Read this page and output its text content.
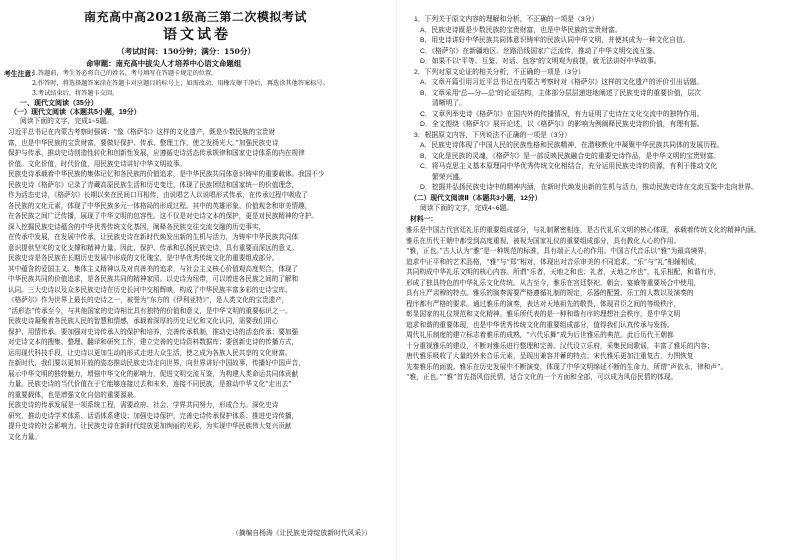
南充高中高2021级高三第二次模拟考试
语文试卷
（考试时间：150分钟；满分：150分）
命审题：南充高中拔尖人才培养中心语文命题组
考生注意：
1.答题前，考生务必将自己的姓名、考号填写在答题卡规定的位置。
2.作答时，将选择题答案涂在答题卡对应题目的标号上，如需改动，用橡皮擦干净后，再选涂其他答案标号。
3.考试结束后，将答题卡交回。
一、现代文阅读（35分）
（一）现代文阅读（本题共5小题，19分）
阅读下面的文字，完成1~5题。
习近平总书记在内蒙古考察时强调：“像《格萨尔》这样的文化遗产，既是少数民族的宝贵财
富，也是中华民族的宝贵财富，要做好保护、传承、整理工作，使之发扬光大。”加强民族史诗
保护与传承，推动史诗创造性转化和创新性发展，应遵循史诗活态传承规律和国家史诗体系的内在规律
价值。文化价值，时代价值，用民族史诗讲好中华文明故事。
民族史诗承载着中华民族的集体记忆和各民族的价值追求，是中华民族共同体意识铸牢的重要载体。我国不少
民族史诗《格萨尔》记录了青藏高原民族生活和历史变迁，体现了民族团结和国家统一的价值理念，
作为活态史诗，《格萨尔》长期以来在民间口耳相传，由说唱艺人以说唱形式传承，在传承过程中吸收了
各民族的文化元素，体现了中华民族多元一体格局的形成过程。其中的英雄形象、价值观念和审美情趣，
在各民族之间广泛传播，展现了中华文明的包容性。这不仅是对史诗文本的保护，更是对民族精神的守护。
深入挖掘民族史诗蕴含的中华优秀传统文化基因，阐释各民族交往交流交融的历史事实，
在传承中发展，在发展中传承，让民族史诗在新时代焕发出新的生机与活力，为铸牢中华民族共同体
意识提供坚实的文化支撑和精神力量。因此，保护、传承和弘扬民族史诗，具有重要而深远的意义。
民族史诗是各民族在长期历史发展中形成的文化瑰宝，是中华优秀传统文化的重要组成部分。
其中蕴含的爱国主义、集体主义精神以及对真善美的追求，与社会主义核心价值观高度契合，体现了
中华民族共同的价值追求，是各民族共同的精神家园。以史诗为纽带，可以增进各民族之间的了解和
认同。三大史诗以及众多民族史诗在历史长河中交相辉映，构成了中华民族丰富多彩的史诗宝库。
《格萨尔》作为世界上最长的史诗之一，被誉为“东方的《伊利亚特》”，是人类文化的宝贵遗产，
“活形态”传承至今，与其他国家的史诗相比具有独特的价值和意义，是中华文明的重要标识之一。
民族史诗凝聚着各民族人民的智慧和情感，承载着深厚的历史记忆和文化认同，需要我们用心
保护、用情传承。要加强对史诗传承人的保护和培养，完善传承机制，推动史诗的活态传承；要加强
对史诗文本的搜集、整理、翻译和研究工作，建立完善的史诗资料数据库；要创新史诗的传播方式，
运用现代科技手段，让史诗以更加生动的形式走进大众生活，使之成为各族人民共享的文化财富。
在新时代，我们要以更加开放的姿态推动民族史诗走向世界，向世界讲好中国故事，传播好中国声音，
展示中华文明的独特魅力，增强中华文化的影响力，促进文明交流互鉴，为构建人类命运共同体贡献
力量。民族史诗的当代价值在于它能够连接过去和未来，连接不同民族，是推动中华文化“走出去”
的重要载体，也是增强文化自信的重要源泉。
民族史诗的传承发展是一项系统工程，需要政府、社会、学界共同努力，形成合力。深化史诗
研究，推动史诗学术体系、话语体系建设；加强史诗保护，完善史诗传承保护体系；推进史诗传播，
提升史诗的社会影响力。让民族史诗在新时代绽放更加绚丽的光彩，为实现中华民族伟大复兴贡献
文化力量。
（摘编自杨涛《让民族史诗绽放新时代风采》）
1．下列关于原文内容的理解和分析，不正确的一项是（3分）
A．民族史诗既是少数民族的宝贵财富，也是中华民族的宝贵财富。
B．用史诗讲好中华民族共同体意识铸牢的民族认同中华文明，并使其成为一种文化自信。
C．《格萨尔》在新疆地区、丝路沿线国家广泛流传，推动了中华文明交流互鉴。
D．如果不以“平等、互鉴、对话、包容”的文明观为前提，就无法讲好中华故事。
2．下列对原文论证的相关分析，不正确的一项是（3分）
A．文章开篇引用习近平总书记在内蒙古考察时对《格萨尔》这样的文化遗产的评价引出话题。
B．文章采用“总—分—总”的论证结构，主体部分层层递进地阐述了民族史诗的重要价值，层次
清晰明了。
C．文章列举史诗《格萨尔》在国内外的传播情况，有力证明了史诗在文化交流中的独特作用。
D．全文围绕《格萨尔》展开论述，以《格萨尔》的影响为例阐释民族史诗的价值，有理有据。
3．根据原文内容，下列说法不正确的一项是（3分）
A．民族史诗体现了中国人民的民族性格和民族精神，在潜移默化中凝聚中华民族共同体的发展历程。
B．文化是民族的灵魂，《格萨尔》是一部反映民族融合史的重要史诗作品，是中华文明的宝贵财富。
C．将马克思主义基本原理同中华优秀传统文化相结合，充分运用民族史诗的资源，有利于推动文化
繁荣兴盛。
D．挖掘并弘扬民族史诗中的精神内涵，在新时代焕发出新的生机与活力，推动民族史诗在交流互鉴中走向世界。
（二）现代文阅读Ⅱ（本题共3小题，12分）
阅读下面的文字，完成4~6题。
材料一：
雅乐是中国古代宫廷礼乐的重要组成部分，与礼制紧密相连，是古代礼乐文明的核心体现，承载着传统文化的精神内涵。
雅乐在历代王朝中都受到高度重视，被视为国家礼仪的重要组成部分，具有教化人心的作用。
“雅，正也。”古人认为“雅”是一种规范的标准，具有端正人心的作用。中国古代音乐以“雅”为最高境界，
追求中正平和的艺术品格，“雅”与“郑”相对，体现出对音乐审美的不同追求。“乐”与“礼”相辅相成，
共同构成中华礼乐文明的核心内容。所谓“乐者，天地之和也；礼者，天地之序也”，礼乐相配，和谐有序，
形成了独具特色的中华礼乐文化传统。从古至今，雅乐在宫廷祭祀、朝会、宴飨等重要场合中使用，
具有庄严肃穆的特点。雅乐的演奏需要严格遵循礼制的规定，乐器的配置、乐工的人数以及演奏的
程序都有严格的要求。通过雅乐的演奏，表达对天地祖先的敬畏，体现君臣之间的等级秩序，
彰显国家的礼仪规范和文化精神。雅乐所代表的是一种和谐有序的理想社会秩序，是中华文明
追求和谐的重要体现，也是中华优秀传统文化的重要组成部分，值得我们认真传承与发扬。
周代礼乐制度的建立标志着雅乐的成熟，“六代乐舞”成为后世雅乐的典范。此后历代王朝都
十分重视雅乐的建设，不断对雅乐进行整理和完善。汉代设立乐府，采集民间歌谣，丰富了雅乐的内容；
唐代雅乐吸收了大量的外来音乐元素，呈现出兼容并蓄的特点；宋代雅乐更加注重复古，力图恢复
先秦雅乐的面貌。雅乐在历史发展中不断演变，体现了中华文明绵延不断的生命力，所谓“声依永，律和声”。
“雅，正也。”“雅”首先指风俗民情，适合文化的一个方面和全部，可以成为风俗民情的体现。
